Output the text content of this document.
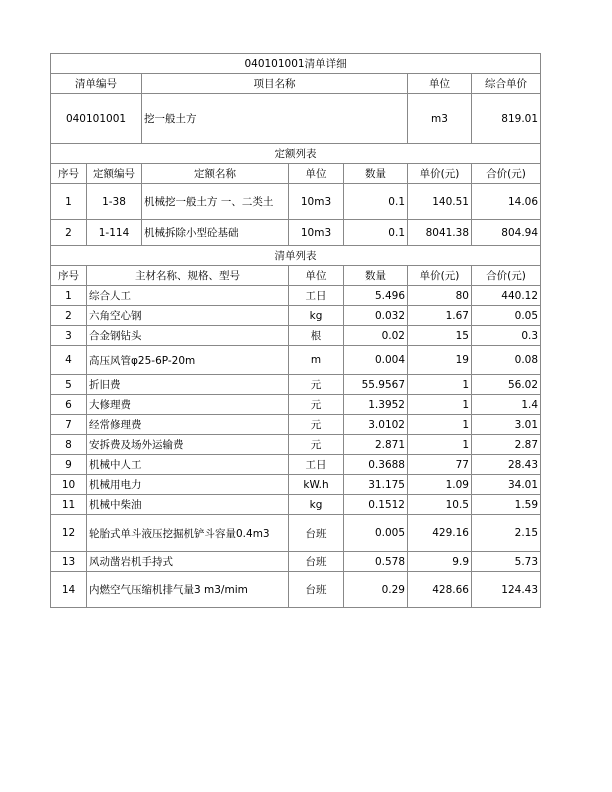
040101001清单详细						
清单编号		项目名称			单位	综合单价
040101001		挖一般土方			m3	819.01
定额列表						
序号	定额编号	定额名称	单位	数量	单价(元)	合价(元)
1	1-38	机械挖一般土方 一、二类土	10m3	0.1	140.51	14.06
2	1-114	机械拆除小型砼基础	10m3	0.1	8041.38	804.94
清单列表						
序号	主材名称、规格、型号		单位	数量	单价(元)	合价(元)
1	综合人工		工日	5.496	80	440.12
2	六角空心钢		kg	0.032	1.67	0.05
3	合金钢钻头		根	0.02	15	0.3
4	高压风管φ25-6P-20m		m	0.004	19	0.08
5	折旧费		元	55.9567	1	56.02
6	大修理费		元	1.3952	1	1.4
7	经常修理费		元	3.0102	1	3.01
8	安拆费及场外运输费		元	2.871	1	2.87
9	机械中人工		工日	0.3688	77	28.43
10	机械用电力		kW.h	31.175	1.09	34.01
11	机械中柴油		kg	0.1512	10.5	1.59
12	轮胎式单斗液压挖掘机铲斗容量0.4m3		台班	0.005	429.16	2.15
13	风动凿岩机手持式		台班	0.578	9.9	5.73
14	内燃空气压缩机排气量3 m3/mim		台班	0.29	428.66	124.43
